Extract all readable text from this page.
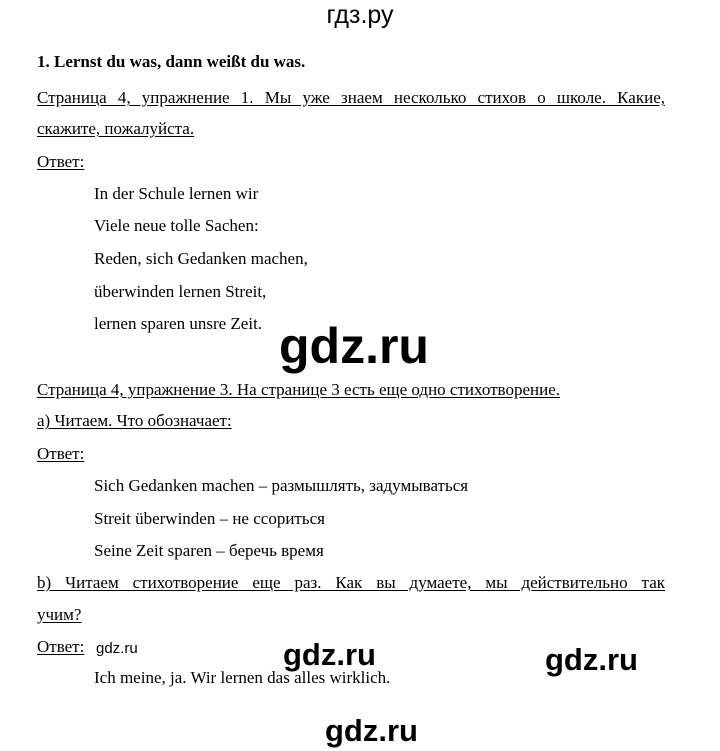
гдз.ру
1. Lernst du was, dann weißt du was.
Страница 4, упражнение 1. Мы уже знаем несколько стихов о школе. Какие,
скажите, пожалуйста.
Ответ:
In der Schule lernen wir
Viele neue tolle Sachen:
Reden, sich Gedanken machen,
überwinden lernen Streit,
lernen sparen unsre Zeit. gdz.ru
Страница 4, упражнение 3. На странице 3 есть еще одно стихотворение.
а) Читаем. Что обозначает:
Ответ:
Sich Gedanken machen – размышлять, задумываться
Streit überwinden – не ссориться
Seine Zeit sparen – беречь время
b) Читаем стихотворение еще раз. Как вы думаете, мы действительно так
учим?
Ответ: gdz.ru	gdz.ru	gdz.ru
Ich meine, ja. Wir lernen das alles wirklich.
gdz.ru
